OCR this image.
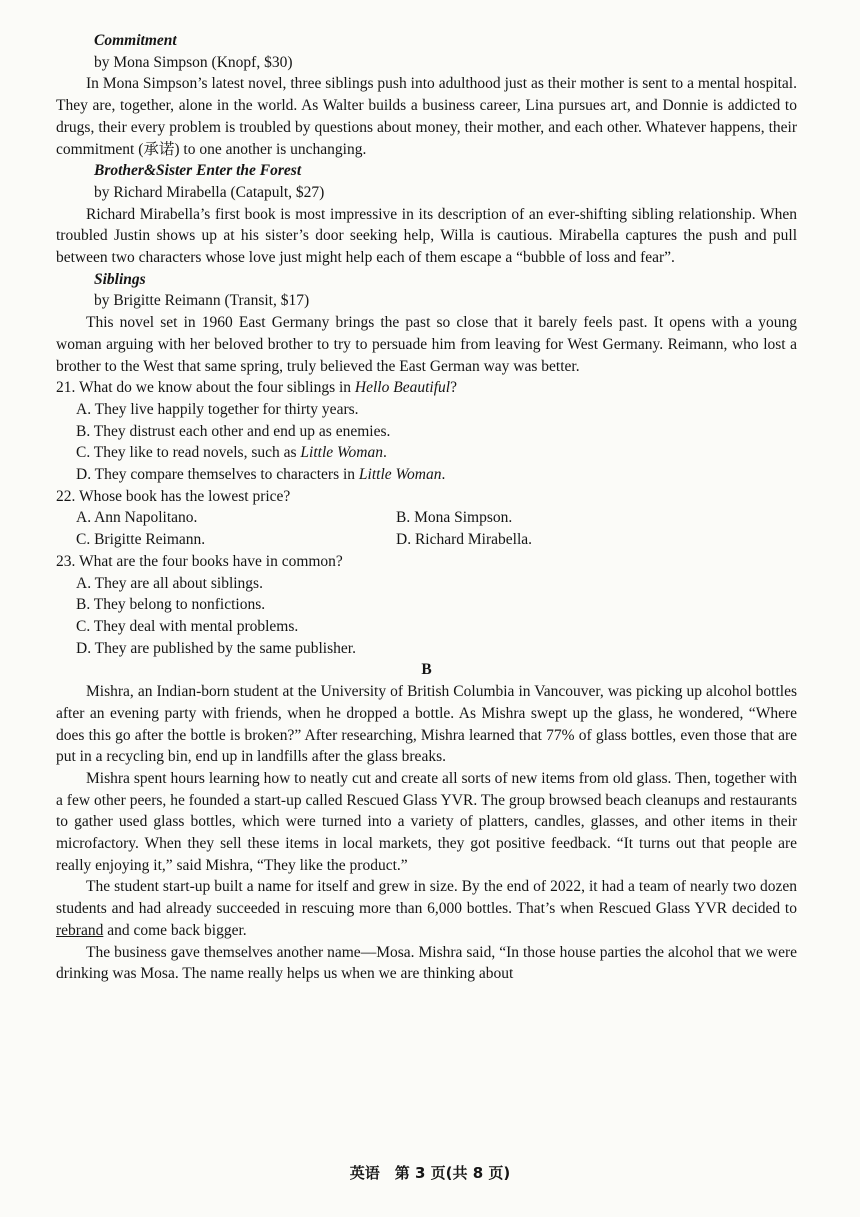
Commitment

by Mona Simpson (Knopf, $30)

In Mona Simpson’s latest novel, three siblings push into adulthood just as their mother is sent to a mental hospital. They are, together, alone in the world. As Walter builds a business career, Lina pursues art, and Donnie is addicted to drugs, their every problem is troubled by questions about money, their mother, and each other. Whatever happens, their commitment (承诺) to one another is unchanging.

Brother&Sister Enter the Forest

by Richard Mirabella (Catapult, $27)

Richard Mirabella’s first book is most impressive in its description of an ever-shifting sibling relationship. When troubled Justin shows up at his sister’s door seeking help, Willa is cautious. Mirabella captures the push and pull between two characters whose love just might help each of them escape a “bubble of loss and fear”.

Siblings

by Brigitte Reimann (Transit, $17)

This novel set in 1960 East Germany brings the past so close that it barely feels past. It opens with a young woman arguing with her beloved brother to try to persuade him from leaving for West Germany. Reimann, who lost a brother to the West that same spring, truly believed the East German way was better.

21. What do we know about the four siblings in Hello Beautiful?

A. They live happily together for thirty years.

B. They distrust each other and end up as enemies.

C. They like to read novels, such as Little Woman.

D. They compare themselves to characters in Little Woman.

22. Whose book has the lowest price?

A. Ann Napolitano.	B. Mona Simpson.
C. Brigitte Reimann.	D. Richard Mirabella.

23. What are the four books have in common?

A. They are all about siblings.

B. They belong to nonfictions.

C. They deal with mental problems.

D. They are published by the same publisher.

B

Mishra, an Indian-born student at the University of British Columbia in Vancouver, was picking up alcohol bottles after an evening party with friends, when he dropped a bottle. As Mishra swept up the glass, he wondered, “Where does this go after the bottle is broken?” After researching, Mishra learned that 77% of glass bottles, even those that are put in a recycling bin, end up in landfills after the glass breaks.

Mishra spent hours learning how to neatly cut and create all sorts of new items from old glass. Then, together with a few other peers, he founded a start-up called Rescued Glass YVR. The group browsed beach cleanups and restaurants to gather used glass bottles, which were turned into a variety of platters, candles, glasses, and other items in their microfactory. When they sell these items in local markets, they got positive feedback. “It turns out that people are really enjoying it,” said Mishra, “They like the product.”

The student start-up built a name for itself and grew in size. By the end of 2022, it had a team of nearly two dozen students and had already succeeded in rescuing more than 6,000 bottles. That’s when Rescued Glass YVR decided to rebrand and come back bigger.

The business gave themselves another name—Mosa. Mishra said, “In those house parties the alcohol that we were drinking was Mosa. The name really helps us when we are thinking about

英语　第 3 页(共 8 页)
